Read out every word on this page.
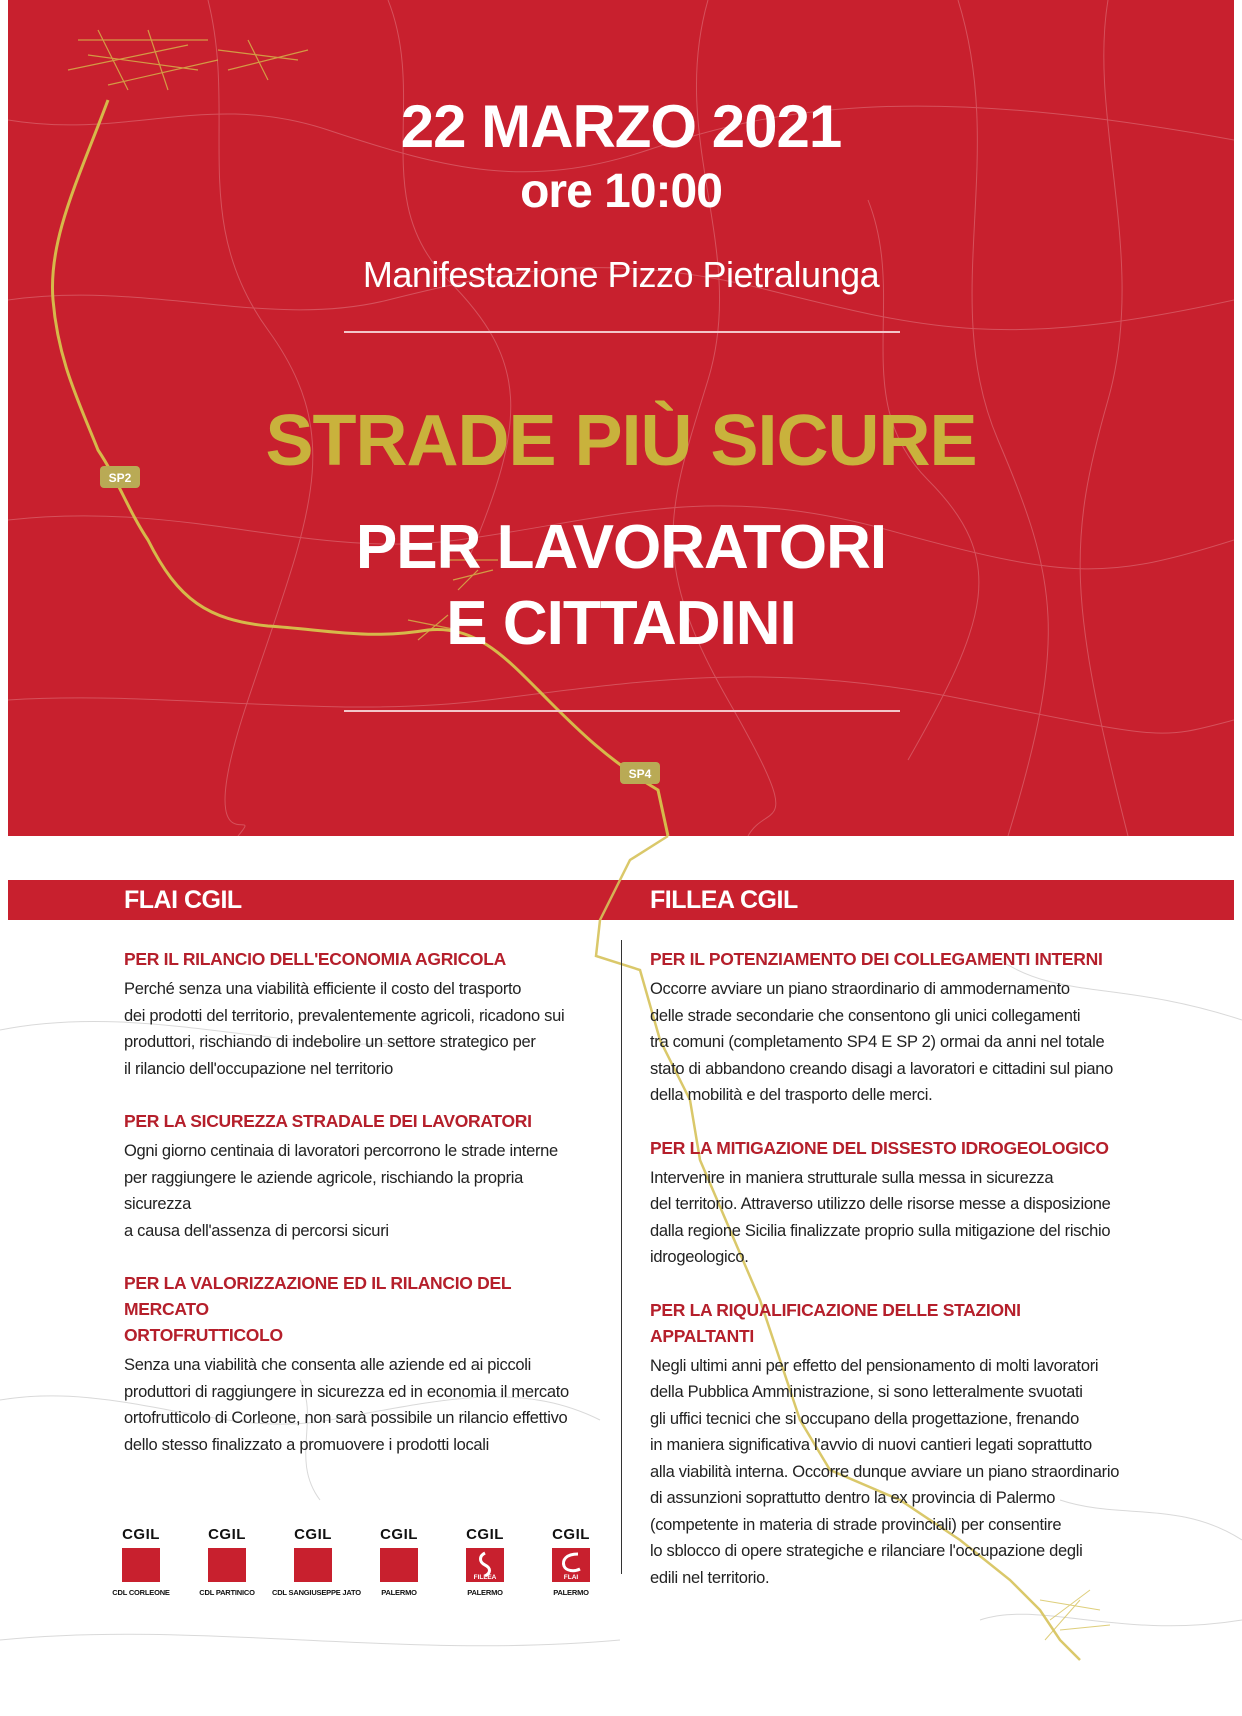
SP2
SP4
22 MARZO 2021
ore 10:00
Manifestazione Pizzo Pietralunga
STRADE PIÙ SICURE
PER LAVORATORI
E CITTADINI
FLAI CGIL	FILLEA CGIL
PER IL RILANCIO DELL'ECONOMIA AGRICOLA

Perché senza una viabilità efficiente il costo del trasporto
dei prodotti del territorio, prevalentemente agricoli, ricadono sui
produttori, rischiando di indebolire un settore strategico per
il rilancio dell'occupazione nel territorio

PER LA SICUREZZA STRADALE DEI LAVORATORI

Ogni giorno centinaia di lavoratori percorrono le strade interne
per raggiungere le aziende agricole, rischiando la propria sicurezza
a causa dell'assenza di percorsi sicuri

PER LA VALORIZZAZIONE ED IL RILANCIO DEL MERCATO
ORTOFRUTTICOLO

Senza una viabilità che consenta alle aziende ed ai piccoli
produttori di raggiungere in sicurezza ed in economia il mercato
ortofrutticolo di Corleone, non sarà possibile un rilancio effettivo
dello stesso finalizzato a promuovere i prodotti locali

PER IL POTENZIAMENTO DEI COLLEGAMENTI INTERNI

Occorre avviare un piano straordinario di ammodernamento
delle strade secondarie che consentono gli unici collegamenti
tra comuni (completamento SP4 E SP 2) ormai da anni nel totale
stato di abbandono creando disagi a lavoratori e cittadini sul piano
della mobilità e del trasporto delle merci.

PER LA MITIGAZIONE DEL DISSESTO IDROGEOLOGICO

Intervenire in maniera strutturale sulla messa in sicurezza
del territorio. Attraverso utilizzo delle risorse messe a disposizione
dalla regione Sicilia finalizzate proprio sulla mitigazione del rischio
idrogeologico.

PER LA RIQUALIFICAZIONE DELLE STAZIONI APPALTANTI

Negli ultimi anni per effetto del pensionamento di molti lavoratori
della Pubblica Amministrazione, si sono letteralmente svuotati
gli uffici tecnici che si occupano della progettazione, frenando
in maniera significativa l'avvio di nuovi cantieri legati soprattutto
alla viabilità interna. Occorre dunque avviare un piano straordinario
di assunzioni soprattutto dentro la ex provincia di Palermo
(competente in materia di strade provinciali) per consentire
lo sblocco di opere strategiche e rilanciare l'occupazione degli
edili nel territorio.

CGIL
CDL CORLEONE
CGIL
CDL PARTINICO
CGIL
CDL SANGIUSEPPE JATO
CGIL
PALERMO
CGIL
FILLEA
PALERMO
CGIL
FLAI
PALERMO
